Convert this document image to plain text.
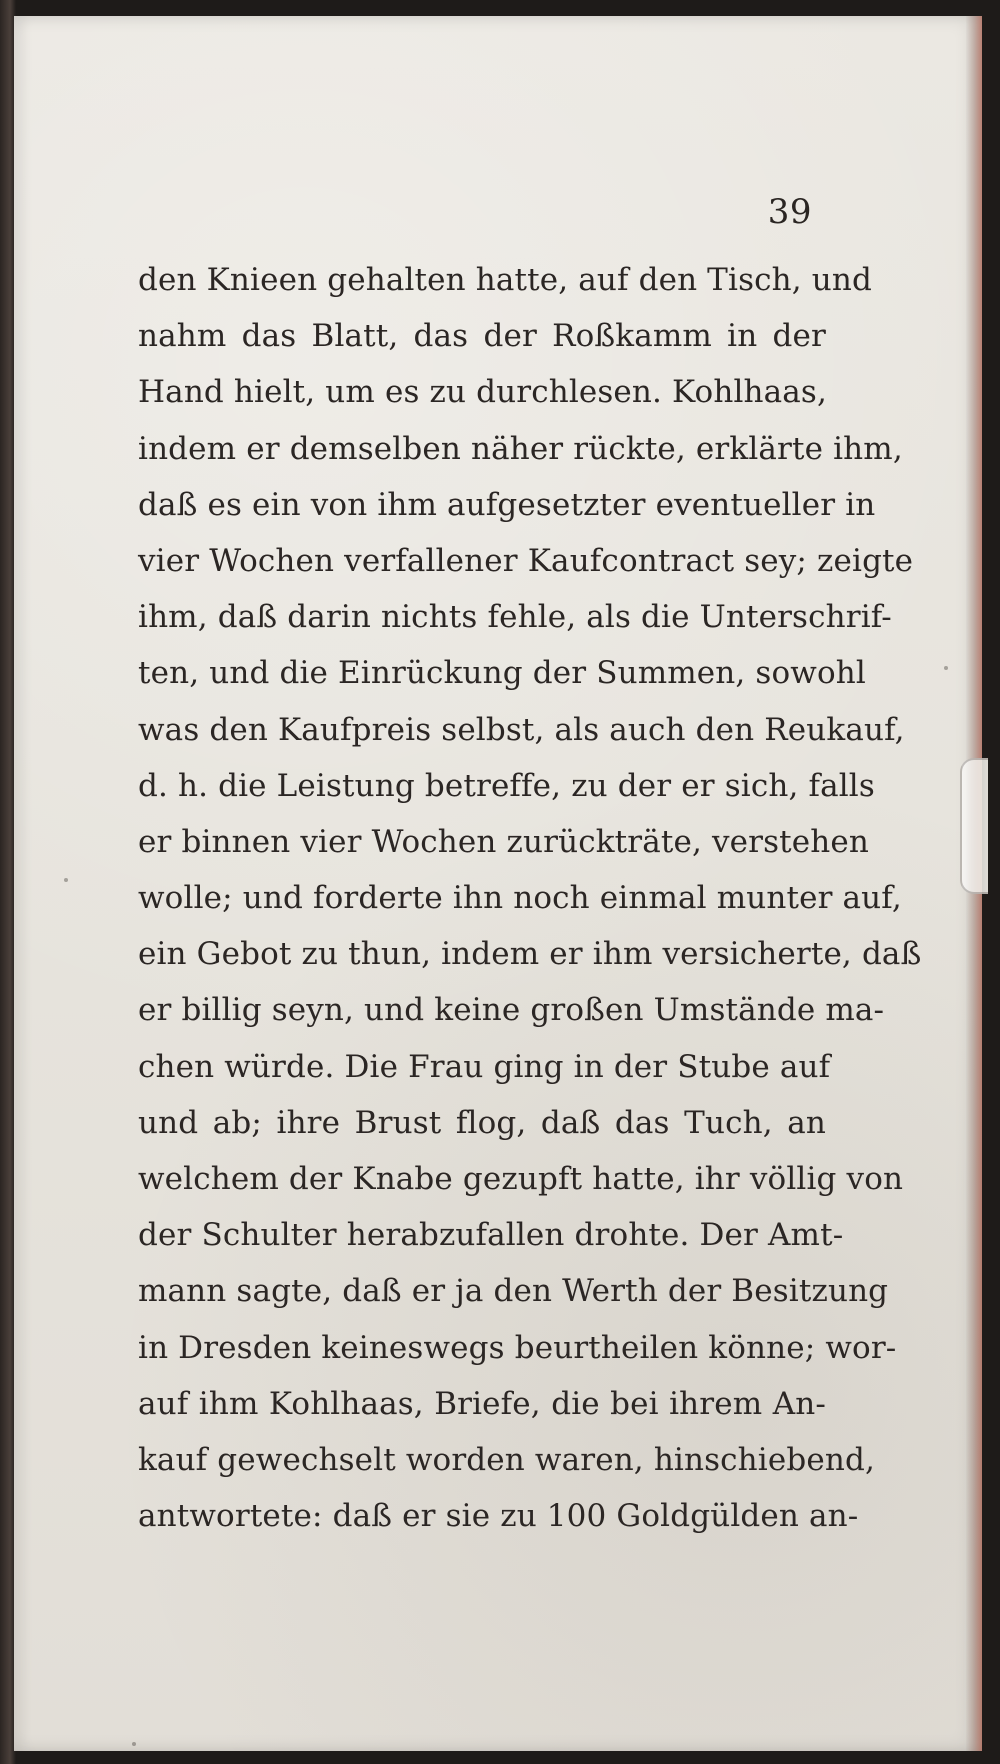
39
den Knieen gehalten hatte, auf den Tisch, und
nahm das Blatt, das der Roßkamm in der
Hand hielt, um es zu durchlesen. Kohlhaas,
indem er demselben näher rückte, erklärte ihm,
daß es ein von ihm aufgesetzter eventueller in
vier Wochen verfallener Kaufcontract sey; zeigte
ihm, daß darin nichts fehle, als die Unterschrif-
ten, und die Einrückung der Summen, sowohl
was den Kaufpreis selbst, als auch den Reukauf,
d. h. die Leistung betreffe, zu der er sich, falls
er binnen vier Wochen zurückträte, verstehen
wolle; und forderte ihn noch einmal munter auf,
ein Gebot zu thun, indem er ihm versicherte, daß
er billig seyn, und keine großen Umstände ma-
chen würde. Die Frau ging in der Stube auf
und ab; ihre Brust flog, daß das Tuch, an
welchem der Knabe gezupft hatte, ihr völlig von
der Schulter herabzufallen drohte. Der Amt-
mann sagte, daß er ja den Werth der Besitzung
in Dresden keineswegs beurtheilen könne; wor-
auf ihm Kohlhaas, Briefe, die bei ihrem An-
kauf gewechselt worden waren, hinschiebend,
antwortete: daß er sie zu 100 Goldgülden an-
